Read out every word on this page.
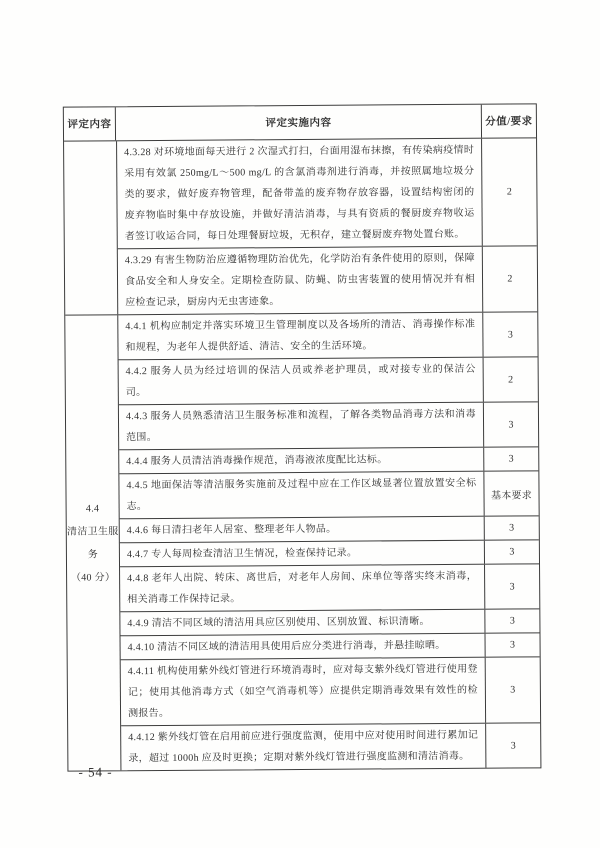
评定内容	评定实施内容	分值/要求
4.3.28 对环境地面每天进行 2 次湿式打扫，台面用湿布抹擦，有传染病疫情时采用有效氯 250mg/L～500 mg/L 的含氯消毒剂进行消毒，并按照属地垃圾分类的要求，做好废弃物管理，配备带盖的废弃物存放容器，设置结构密闭的废弃物临时集中存放设施，并做好清洁消毒，与具有资质的餐厨废弃物收运者签订收运合同，每日处理餐厨垃圾，无积存，建立餐厨废弃物处置台账。
2
4.3.29 有害生物防治应遵循物理防治优先，化学防治有条件使用的原则，保障食品安全和人身安全。定期检查防鼠、防蝇、防虫害装置的使用情况并有相应检查记录，厨房内无虫害迹象。
2
4.4
清洁卫生服
务
（40 分）
4.4.1 机构应制定并落实环境卫生管理制度以及各场所的清洁、消毒操作标准和规程，为老年人提供舒适、清洁、安全的生活环境。
3
4.4.2 服务人员为经过培训的保洁人员或养老护理员，或对接专业的保洁公司。
2
4.4.3 服务人员熟悉清洁卫生服务标准和流程，了解各类物品消毒方法和消毒范围。
3
4.4.4 服务人员清洁消毒操作规范，消毒液浓度配比达标。	3
4.4.5 地面保洁等清洁服务实施前及过程中应在工作区域显著位置放置安全标志。
基本要求
4.4.6 每日清扫老年人居室、整理老年人物品。	3
4.4.7 专人每周检查清洁卫生情况，检查保持记录。	3
4.4.8 老年人出院、转床、离世后，对老年人房间、床单位等落实终末消毒，相关消毒工作保持记录。
3
4.4.9 清洁不同区域的清洁用具应区别使用、区别放置、标识清晰。	3
4.4.10 清洁不同区域的清洁用具使用后应分类进行消毒，并悬挂晾晒。	3
4.4.11 机构使用紫外线灯管进行环境消毒时，应对每支紫外线灯管进行使用登记；使用其他消毒方式（如空气消毒机等）应提供定期消毒效果有效性的检测报告。
3
4.4.12 紫外线灯管在启用前应进行强度监测，使用中应对使用时间进行累加记录，超过 1000h 应及时更换；定期对紫外线灯管进行强度监测和清洁消毒。
3
- 54 -
